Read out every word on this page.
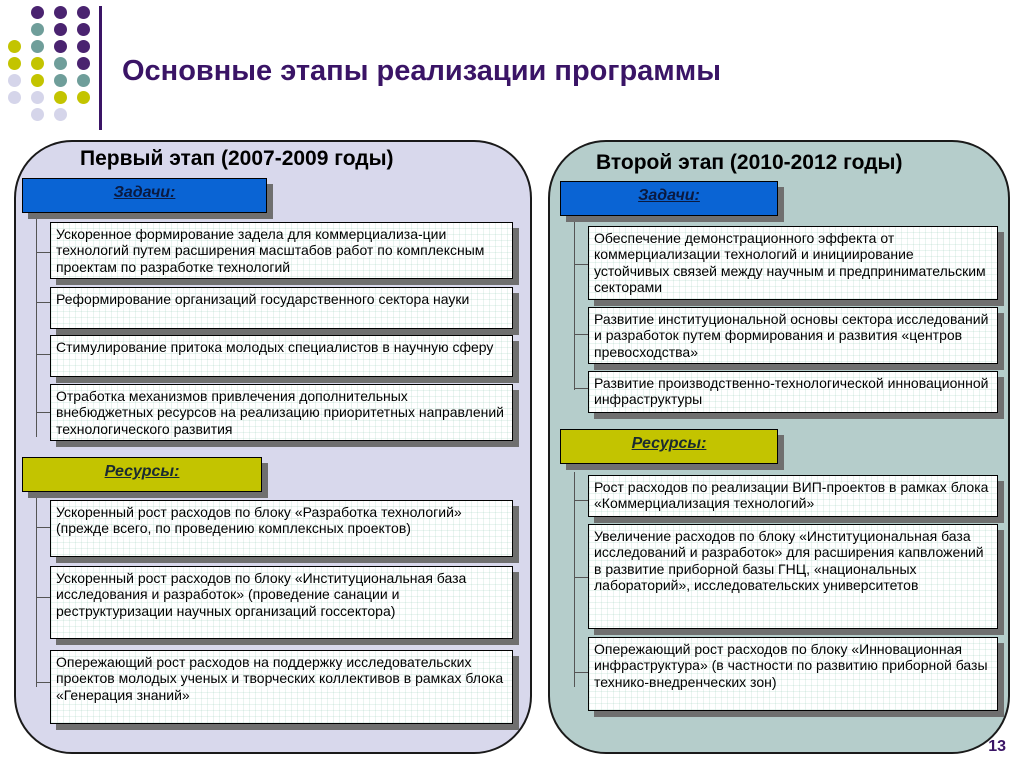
Основные этапы реализации программы
Первый этап (2007-2009 годы)
Задачи:
Ускоренное формирование задела для коммерциализа-ции технологий путем расширения масштабов работ по комплексным проектам по разработке технологий
Реформирование организаций государственного сектора науки
Стимулирование притока молодых специалистов в научную сферу
Отработка механизмов привлечения дополнительных внебюджетных ресурсов на реализацию приоритетных направлений технологического развития
Ресурсы:
Ускоренный рост расходов по блоку «Разработка технологий» (прежде всего, по проведению комплексных проектов)
Ускоренный рост расходов по блоку «Институциональная база исследования и разработок» (проведение санации и реструктуризации научных организаций госсектора)
Опережающий рост расходов на поддержку исследовательских проектов молодых ученых и творческих коллективов в рамках блока «Генерация знаний»
Второй этап (2010-2012 годы)
Задачи:
Обеспечение демонстрационного эффекта от коммерциализации технологий и инициирование устойчивых связей между научным и предпринимательским секторами
Развитие институциональной основы сектора исследований и разработок путем формирования и развития «центров превосходства»
Развитие производственно-технологической инновационной инфраструктуры
Ресурсы:
Рост расходов по реализации ВИП-проектов в рамках блока «Коммерциализация технологий»
Увеличение расходов по блоку «Институциональная база исследований и разработок» для расширения капвложений в развитие приборной базы ГНЦ, «национальных лабораторий», исследовательских университетов
Опережающий рост расходов по блоку «Инновационная инфраструктура» (в частности по развитию приборной базы технико-внедренческих зон)
13
